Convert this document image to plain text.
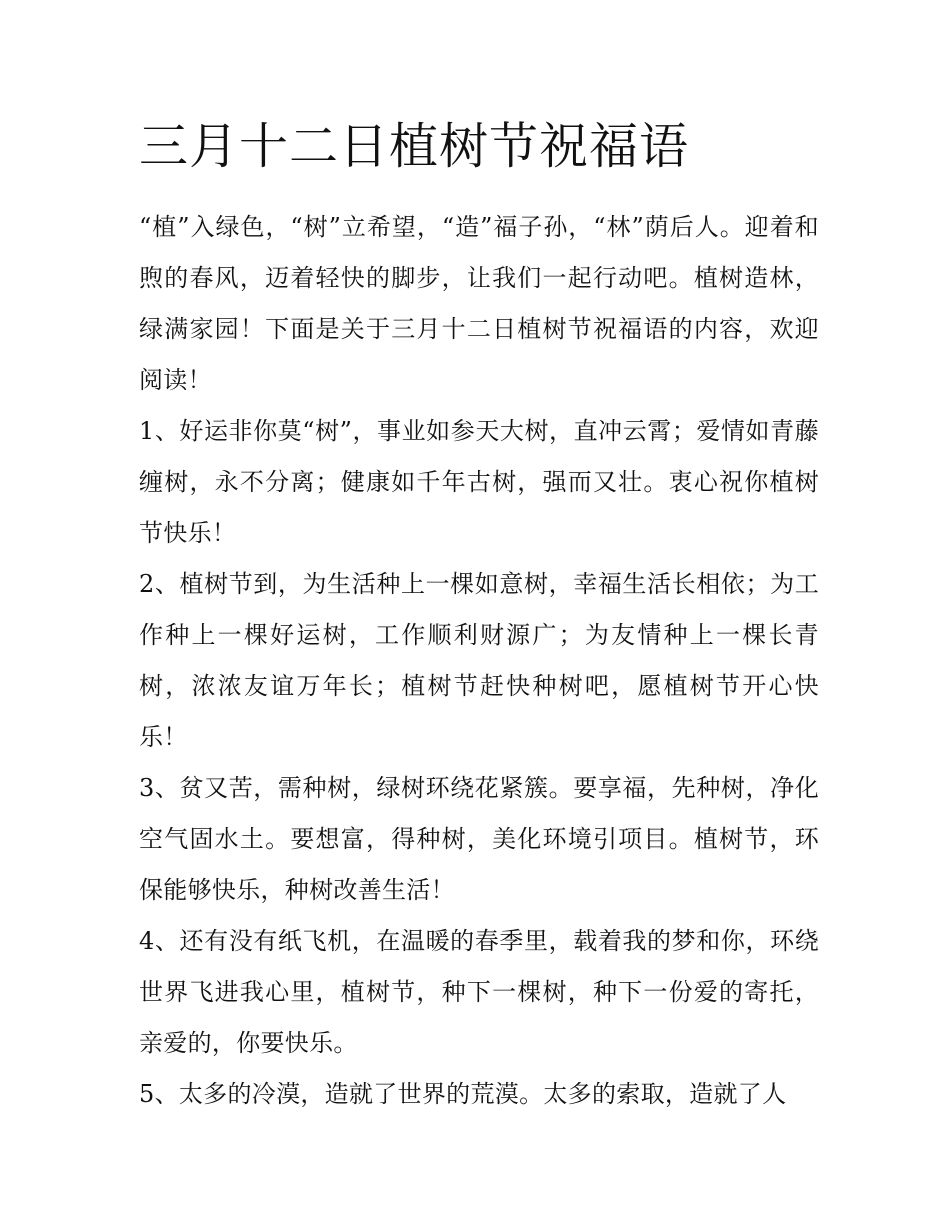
三月十二日植树节祝福语

“植”入绿色，“树”立希望，“造”福子孙，“林”荫后人。迎着和煦的春风，迈着轻快的脚步，让我们一起行动吧。植树造林，绿满家园！下面是关于三月十二日植树节祝福语的内容，欢迎阅读！

1、好运非你莫“树”，事业如参天大树，直冲云霄；爱情如青藤缠树，永不分离；健康如千年古树，强而又壮。衷心祝你植树节快乐！

2、植树节到，为生活种上一棵如意树，幸福生活长相依；为工作种上一棵好运树，工作顺利财源广；为友情种上一棵长青树，浓浓友谊万年长；植树节赶快种树吧，愿植树节开心快乐！

3、贫又苦，需种树，绿树环绕花紧簇。要享福，先种树，净化空气固水土。要想富，得种树，美化环境引项目。植树节，环保能够快乐，种树改善生活！

4、还有没有纸飞机，在温暖的春季里，载着我的梦和你，环绕世界飞进我心里，植树节，种下一棵树，种下一份爱的寄托，亲爱的，你要快乐。

5、太多的冷漠，造就了世界的荒漠。太多的索取，造就了人
